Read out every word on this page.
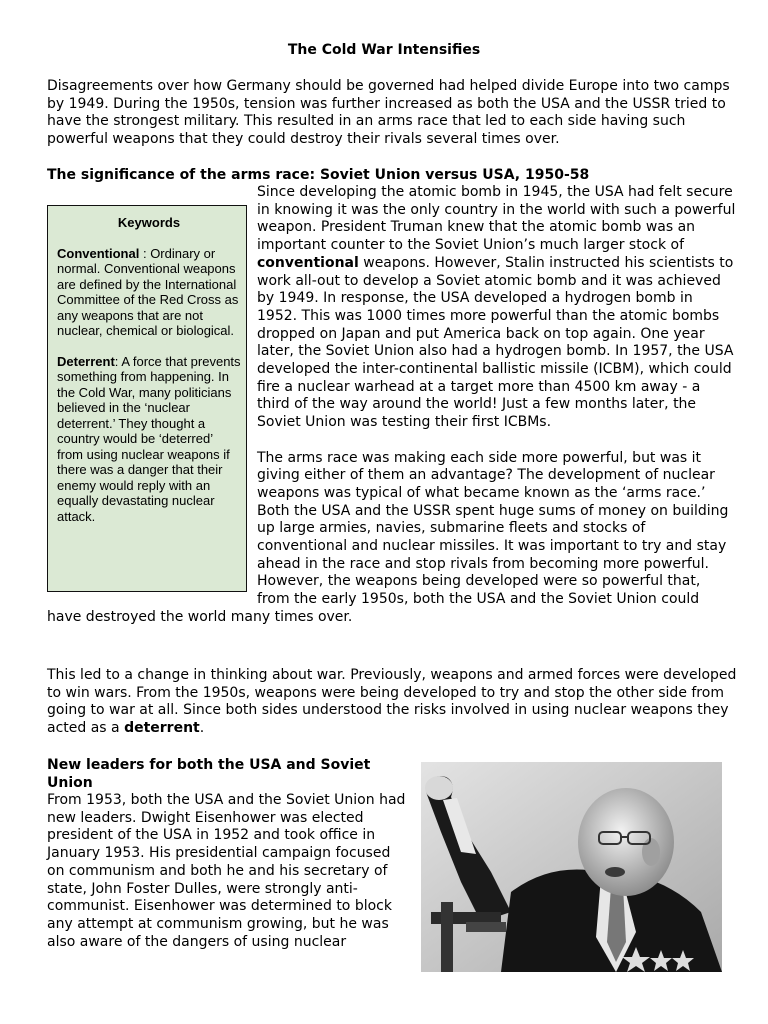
The Cold War Intensifies

Disagreements over how Germany should be governed had helped divide Europe into two camps by 1949. During the 1950s, tension was further increased as both the USA and the USSR tried to have the strongest military. This resulted in an arms race that led to each side having such powerful weapons that they could destroy their rivals several times over.

The significance of the arms race: Soviet Union versus USA, 1950-58

Since developing the atomic bomb in 1945, the USA had felt secure in knowing it was the only country in the world with such a powerful weapon. President Truman knew that the atomic bomb was an important counter to the Soviet Union’s much larger stock of conventional weapons. However, Stalin instructed his scientists to work all-out to develop a Soviet atomic bomb and it was achieved by 1949. In response, the USA developed a hydrogen bomb in 1952. This was 1000 times more powerful than the atomic bombs dropped on Japan and put America back on top again. One year later, the Soviet Union also had a hydrogen bomb. In 1957, the USA developed the inter-continental ballistic missile (ICBM), which could fire a nuclear warhead at a target more than 4500 km away - a third of the way around the world! Just a few months later, the Soviet Union was testing their first ICBMs.

The arms race was making each side more powerful, but was it giving either of them an advantage? The development of nuclear weapons was typical of what became known as the ‘arms race.’ Both the USA and the USSR spent huge sums of money on building up large armies, navies, submarine fleets and stocks of conventional and nuclear missiles. It was important to try and stay ahead in the race and stop rivals from becoming more powerful. However, the weapons being developed were so powerful that, from the early 1950s, both the USA and the Soviet Union could have destroyed the world many times over.

Keywords
Conventional : Ordinary or normal. Conventional weapons are defined by the International Committee of the Red Cross as any weapons that are not nuclear, chemical or biological.
Deterrent: A force that prevents something from happening. In the Cold War, many politicians believed in the ‘nuclear deterrent.’ They thought a country would be ‘deterred’ from using nuclear weapons if there was a danger that their enemy would reply with an equally devastating nuclear attack.

This led to a change in thinking about war. Previously, weapons and armed forces were developed to win wars. From the 1950s, weapons were being developed to try and stop the other side from going to war at all. Since both sides understood the risks involved in using nuclear weapons they acted as a deterrent.

New leaders for both the USA and Soviet Union

From 1953, both the USA and the Soviet Union had new leaders. Dwight Eisenhower was elected president of the USA in 1952 and took office in January 1953. His presidential campaign focused on communism and both he and his secretary of state, John Foster Dulles, were strongly anti-communist. Eisenhower was determined to block any attempt at communism growing, but he was also aware of the dangers of using nuclear
